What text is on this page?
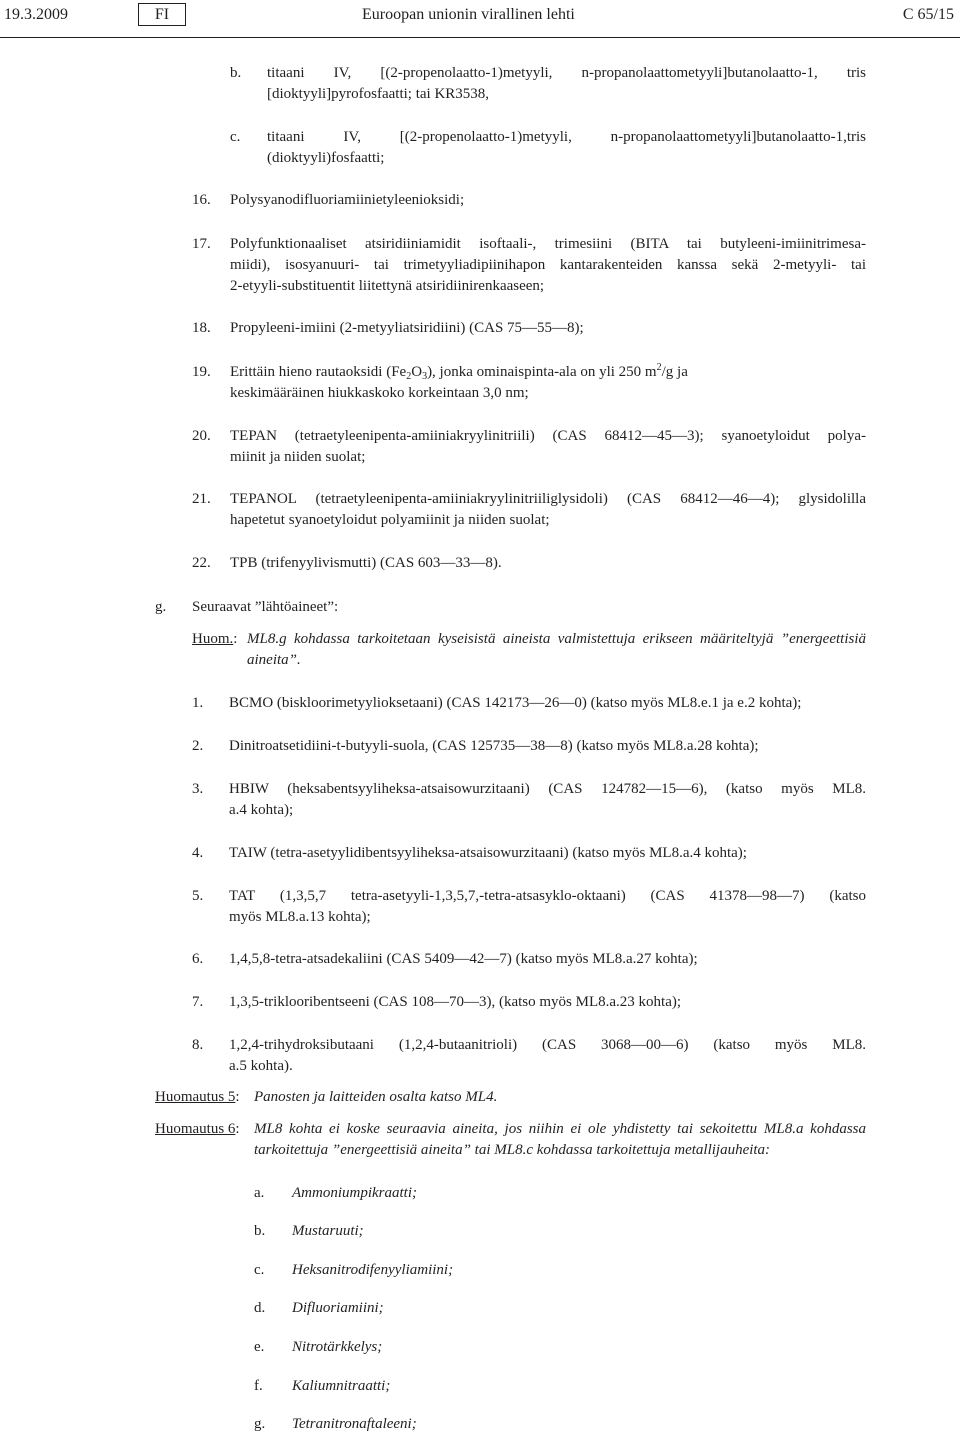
19.3.2009	FI	Euroopan unionin virallinen lehti	C 65/15
b. titaani IV, [(2-propenolaatto-1)metyyli, n-propanolaattometyyli]butanolaatto-1, tris
[dioktyyli]pyrofosfaatti; tai KR3538,
c. titaani IV, [(2-propenolaatto-1)metyyli, n-propanolaattometyyli]butanolaatto-1,tris
(dioktyyli)fosfaatti;
16. Polysyanodifluoriamiinietyleenioksidi;
17. Polyfunktionaaliset atsiridiiniamidit isoftaali-, trimesiini (BITA tai butyleeni-imiinitrimesa-
miidi), isosyanuuri- tai trimetyyliadipiinihapon kantarakenteiden kanssa sekä 2-metyyli- tai
2-etyyli-substituentit liitettynä atsiridiinirenkaaseen;
18. Propyleeni-imiini (2-metyyliatsiridiini) (CAS 75—55—8);
19. Erittäin hieno rautaoksidi $(Fe_2O_3)$, jonka ominaispinta-ala on yli 250 $m^2/g$ ja
keskimääräinen hiukkaskoko korkeintaan 3,0 nm;
20. TEPAN (tetraetyleenipenta-amiiniakryylinitriili) (CAS 68412—45—3); syanoetyloidut polya-
miinit ja niiden suolat;
21. TEPANOL (tetraetyleenipenta-amiiniakryylinitriiliglysidoli) (CAS 68412—46—4); glysidolilla
hapetetut syanoetyloidut polyamiinit ja niiden suolat;
22. TPB (trifenyylivismutti) (CAS 603—33—8).
g. Seuraavat ”lähtöaineet”:
Huom.: ML8.g kohdassa tarkoitetaan kyseisistä aineista valmistettuja erikseen määriteltyjä ”energeettisiä
aineita”.
1. BCMO (biskloorimetyylioksetaani) (CAS 142173—26—0) (katso myös ML8.e.1 ja e.2 kohta);
2. Dinitroatsetidiini-t-butyyli-suola, (CAS 125735—38—8) (katso myös ML8.a.28 kohta);
3. HBIW (heksabentsyyliheksa-atsaisowurzitaani) (CAS 124782—15—6), (katso myös ML8.
a.4 kohta);
4. TAIW (tetra-asetyylidibentsyyliheksa-atsaisowurzitaani) (katso myös ML8.a.4 kohta);
5. TAT (1,3,5,7 tetra-asetyyli-1,3,5,7,-tetra-atsasyklo-oktaani) (CAS 41378—98—7) (katso
myös ML8.a.13 kohta);
6. 1,4,5,8-tetra-atsadekaliini (CAS 5409—42—7) (katso myös ML8.a.27 kohta);
7. 1,3,5-triklooribentseeni (CAS 108—70—3), (katso myös ML8.a.23 kohta);
8. 1,2,4-trihydroksibutaani (1,2,4-butaanitrioli) (CAS 3068—00—6) (katso myös ML8.
a.5 kohta).
Huomautus 5: Panosten ja laitteiden osalta katso ML4.
Huomautus 6: ML8 kohta ei koske seuraavia aineita, jos niihin ei ole yhdistetty tai sekoitettu ML8.a kohdassa
tarkoitettuja ”energeettisiä aineita” tai ML8.c kohdassa tarkoitettuja metallijauheita:
a. Ammoniumpikraatti;
b. Mustaruuti;
c. Heksanitrodifenyyliamiini;
d. Difluoriamiini;
e. Nitrotärkkelys;
f. Kaliumnitraatti;
g. Tetranitronaftaleeni;
